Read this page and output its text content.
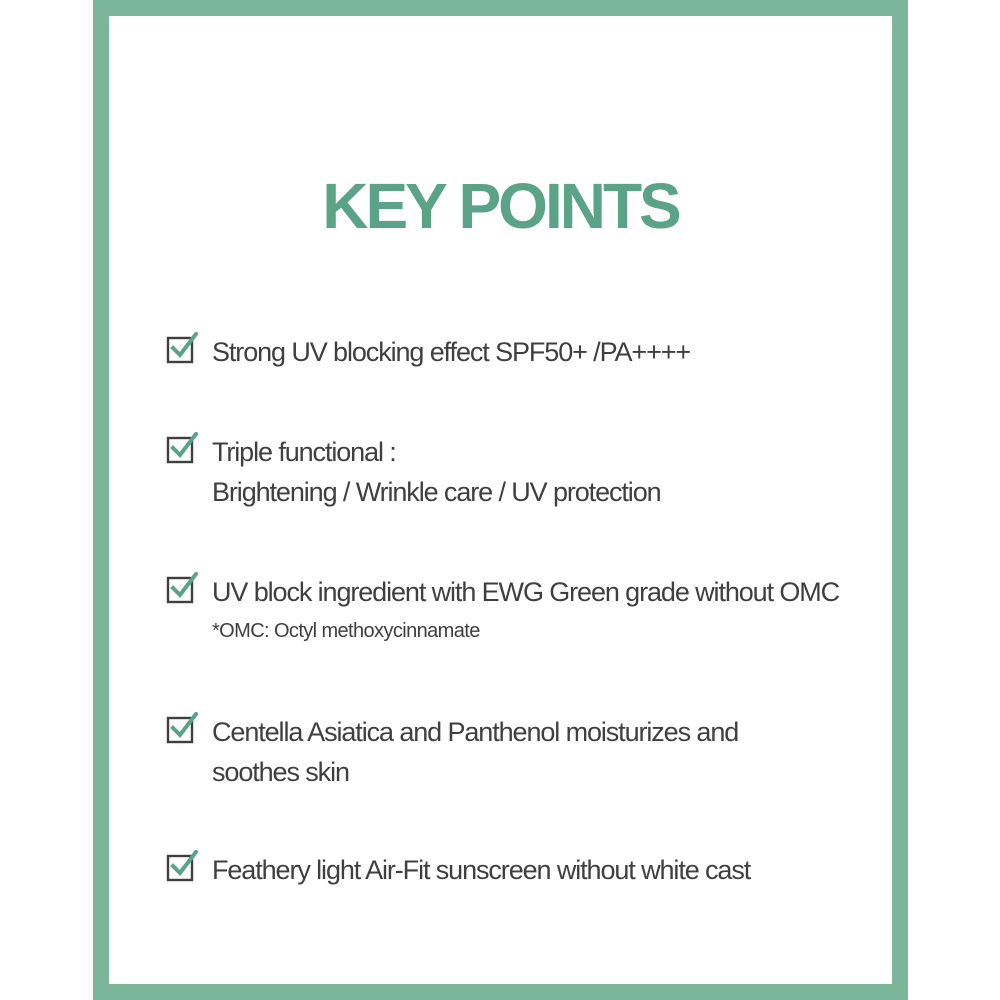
KEY POINTS
Strong UV blocking effect SPF50+ /PA++++
Triple functional :
Brightening / Wrinkle care / UV protection
UV block ingredient with EWG Green grade without OMC
*OMC: Octyl methoxycinnamate
Centella Asiatica and Panthenol moisturizes and
soothes skin
Feathery light Air-Fit sunscreen without white cast
